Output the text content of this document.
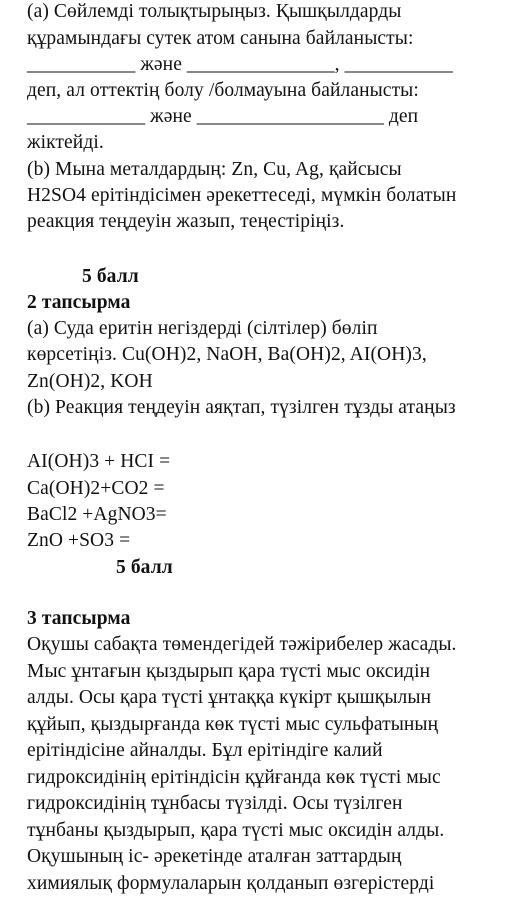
(a) Сөйлемді толықтырыңыз. Қышқылдарды
құрамындағы сутек атом санына байланысты:
___________ және _______________, ___________
деп, ал оттектің болу /болмауына байланысты:
____________ және ___________________ деп
жіктейді.
(b) Мына металдардың: Zn, Cu, Ag, қайсысы
H2SO4 ерітіндісімен әрекеттеседі, мүмкін болатын
реакция теңдеуін жазып, теңестіріңіз.
5 балл
2 тапсырма
(a) Суда еритін негіздерді (сілтілер) бөліп
көрсетіңіз. Cu(OH)2, NaOH, Ba(OH)2, AI(OH)3,
Zn(OH)2, KOH
(b) Реакция теңдеуін аяқтап, түзілген тұзды атаңыз
AI(OH)3 + HCI =
Ca(OH)2+CO2 =
BaCl2 +AgNO3=
ZnO +SO3 =
5 балл
3 тапсырма
Оқушы сабақта төмендегідей тәжірибелер жасады.
Мыс ұнтағын қыздырып қара түсті мыс оксидін
алды. Осы қара түсті ұнтаққа күкірт қышқылын
құйып, қыздырғанда көк түсті мыс сульфатының
ерітіндісіне айналды. Бұл ерітіндіге калий
гидроксидінің ерітіндісін құйғанда көк түсті мыс
гидроксидінің тұнбасы түзілді. Осы түзілген
тұнбаны қыздырып, қара түсті мыс оксидін алды.
Оқушының іс- әрекетінде аталған заттардың
химиялық формулаларын қолданып өзгерістерді
